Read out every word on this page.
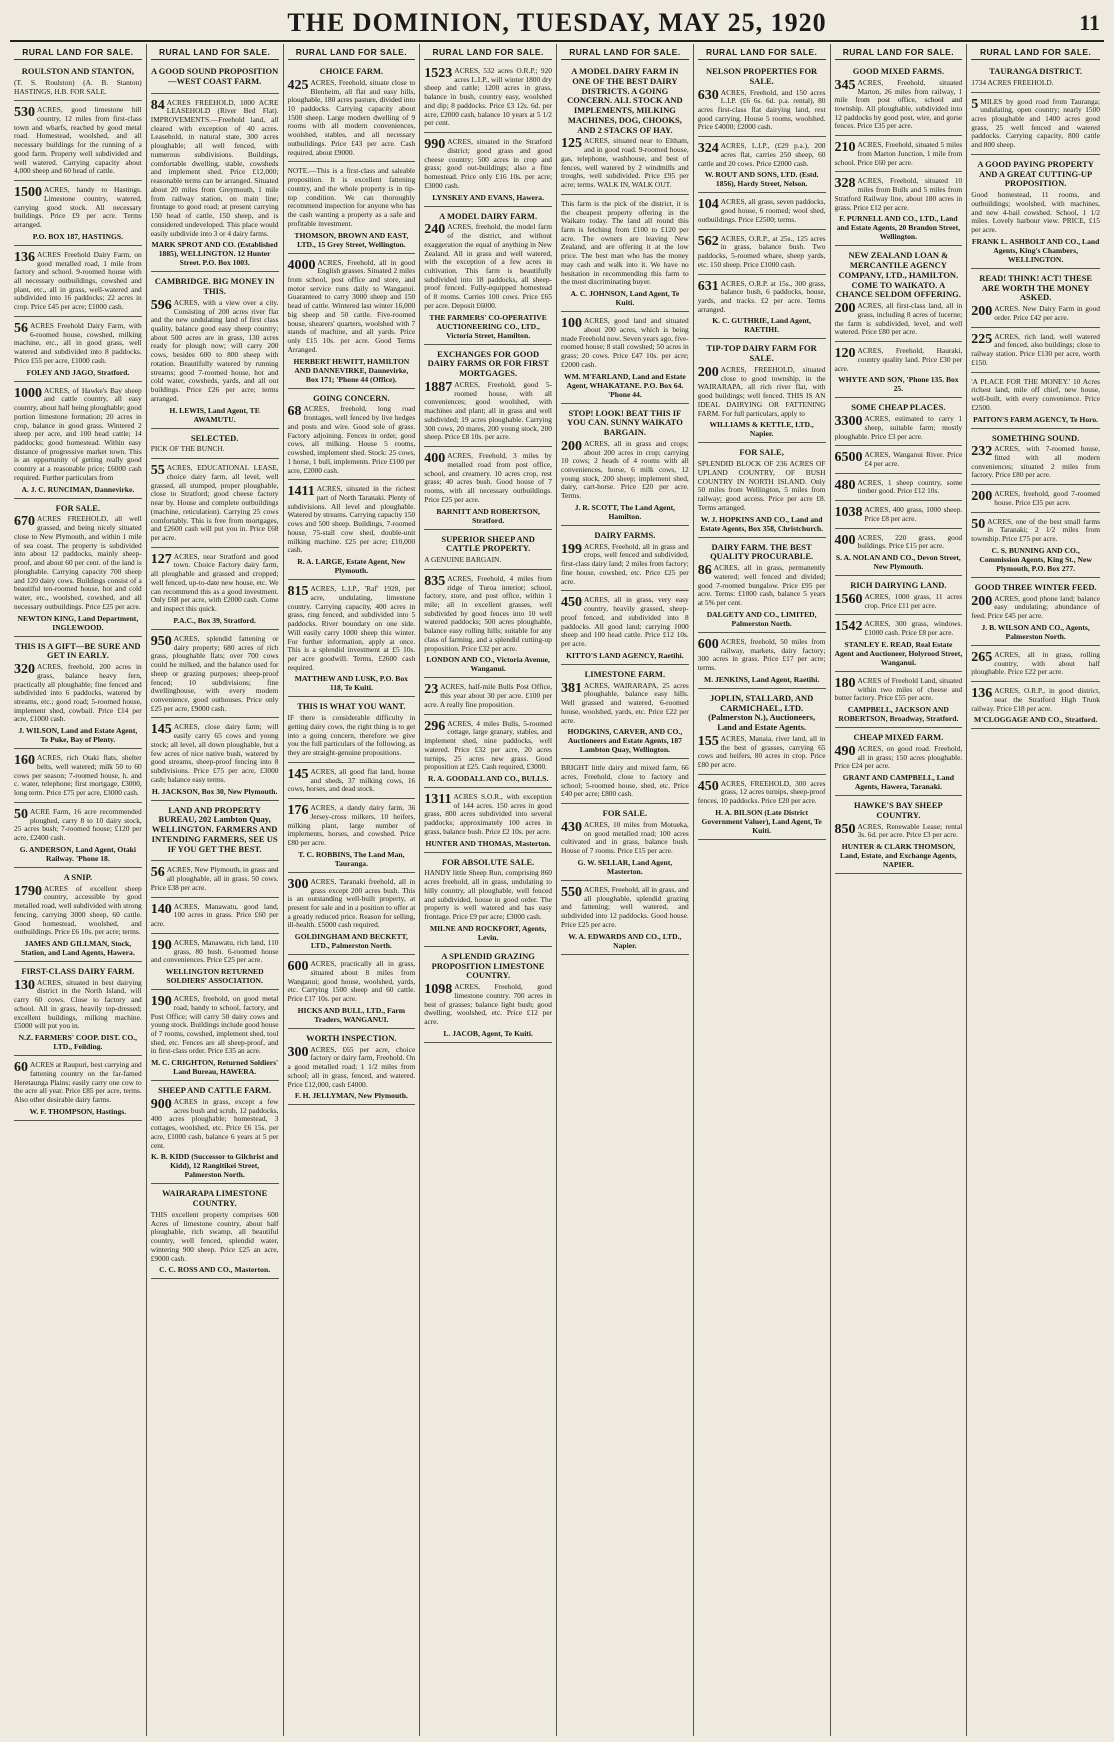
THE DOMINION, TUESDAY, MAY 25, 1920	11
RURAL LAND FOR SALE.
ROULSTON AND STANTON,
(T. S. Roulston) (A. B. Stanton) HASTINGS, H.B. FOR SALE.
530 ACRES, good limestone hill country, 12 miles from first-class town and wharfs, reached by good metal road. Homestead, woolshed, and all necessary buildings for the running of a good farm. Property well subdivided and well watered. Carrying capacity about 4,000 sheep and 60 head of cattle.
1500 ACRES, handy to Hastings. Limestone country, watered, carrying good stock. All necessary buildings. Price £9 per acre. Terms arranged.
P.O. BOX 187, HASTINGS.
136 ACRES Freehold Dairy Farm, on good metalled road, 1 mile from factory and school. 9-roomed house with all necessary outbuildings, cowshed and plant, etc., all in grass, well-watered and subdivided into 16 paddocks; 22 acres in crop. Price £45 per acre; £1000 cash.
56 ACRES Freehold Dairy Farm, with 6-roomed house, cowshed, milking machine, etc., all in good grass, well watered and subdivided into 8 paddocks. Price £55 per acre, £1000 cash.
FOLEY AND JAGO, Stratford.
1000 ACRES, of Hawke's Bay sheep and cattle country, all easy country, about half being ploughable; good portion limestone formation; 20 acres in crop, balance in good grass. Wintered 2 sheep per acre, and 100 head cattle; 14 paddocks; good homestead. Within easy distance of progressive market town. This is an opportunity of getting really good country at a reasonable price; £6000 cash required. Further particulars from
A. J. C. RUNCIMAN, Dannevirke.
FOR SALE.
670 ACRES FREEHOLD, all well grassed, and being nicely situated close to New Plymouth, and within 1 mile of sea coast. The property is subdivided into about 12 paddocks, mainly sheep-proof, and about 60 per cent. of the land is ploughable. Carrying capacity 700 sheep and 120 dairy cows. Buildings consist of a beautiful ten-roomed house, hot and cold water, etc., woolshed, cowshed, and all necessary outbuildings. Price £25 per acre.
NEWTON KING, Land Department, INGLEWOOD.
THIS IS A GIFT—BE SURE AND GET IN EARLY.
320 ACRES, freehold, 200 acres in grass, balance heavy fern, practically all ploughable; fine fenced and subdivided into 6 paddocks, watered by streams, etc.; good road; 5-roomed house, implement shed, cowbail. Price £14 per acre, £1000 cash.
J. WILSON, Land and Estate Agent, Te Puke, Bay of Plenty.
160 ACRES, rich Otaki flats, shelter belts, well watered; milk 50 to 60 cows per season; 7-roomed house, h. and c. water, telephone; first mortgage, £3000, long term. Price £75 per acre, £3000 cash.
50 ACRE Farm, 16 acre recommended ploughed, carry 8 to 10 dairy stock, 25 acres bush; 7-roomed house; £120 per acre, £2400 cash.
G. ANDERSON, Land Agent, Otaki Railway. 'Phone 18.
A SNIP.
1790 ACRES of excellent sheep country, accessible by good metalled road, well subdivided with strong fencing, carrying 3000 sheep, 60 cattle. Good homestead, woolshed, and outbuildings. Price £6 10s. per acre; terms.
JAMES AND GILLMAN, Stock, Station, and Land Agents, Hawera.
FIRST-CLASS DAIRY FARM.
130 ACRES, situated in best dairying district in the North Island, will carry 60 cows. Close to factory and school. All in grass, heavily top-dressed; excellent buildings, milking machine. £5000 will put you in.
N.Z. FARMERS' COOP. DIST. CO., LTD., Feilding.
60 ACRES at Raupuri, best carrying and fattening country on the far-famed Heretaunga Plains; easily carry one cow to the acre all year. Price £85 per acre, terms. Also other desirable dairy farms.
W. F. THOMPSON, Hastings.
RURAL LAND FOR SALE.
A GOOD SOUND PROPOSITION—WEST COAST FARM.
84 ACRES FREEHOLD, 1000 ACRE LEASEHOLD (River Bed Flat). IMPROVEMENTS.—Freehold land, all cleared with exception of 40 acres. Leasehold, in natural state, 300 acres ploughable; all well fenced, with numerous subdivisions. Buildings, comfortable dwelling, stable, cowsheds and implement shed. Price £12,000; reasonable terms can be arranged. Situated about 20 miles from Greymouth, 1 mile from railway station, on main line; frontage to good road; at present carrying 150 head of cattle, 150 sheep, and is considered undeveloped. This place would easily subdivide into 3 or 4 dairy farms.
MARK SPROT AND CO. (Established 1885), WELLINGTON. 12 Hunter Street. P.O. Box 1003.
CAMBRIDGE. BIG MONEY IN THIS.
596 ACRES, with a view over a city. Consisting of 200 acres river flat and the new undulating land of first class quality, balance good easy sheep country; about 500 acres are in grass, 130 acres ready for plough now; will carry 200 cows, besides 600 to 800 sheep with rotation. Beautifully watered by running streams; good 7-roomed house, hot and cold water, cowsheds, yards, and all out buildings. Price £26 per acre; terms arranged.
H. LEWIS, Land Agent, TE AWAMUTU.
SELECTED.
PICK OF THE BUNCH.
55 ACRES, EDUCATIONAL LEASE, choice dairy farm, all level, well grassed, all stumped, proper ploughable, close to Stratford; good cheese factory near by. House and complete outbuildings (machine, reticulation). Carrying 25 cows comfortably. This is free from mortgages, and £2600 cash will put you in. Price £68 per acre.
127 ACRES, near Stratford and good town. Choice Factory dairy farm, all ploughable and grassed and cropped; well fenced, up-to-date new house, etc. We can recommend this as a good investment. Only £68 per acre, with £2000 cash. Come and inspect this quick.
P.A.C., Box 39, Stratford.
950 ACRES, splendid fattening or dairy property; 680 acres of rich grass, ploughable flats; over 700 cows could be milked, and the balance used for sheep or grazing purposes; sheep-proof fenced; 10 subdivisions; fine dwellinghouse, with every modern convenience, good outhouses. Price only £25 per acre, £9000 cash.
145 ACRES, close dairy farm; will easily carry 65 cows and young stock; all level, all down ploughable, but a few acres of nice native bush, watered by good streams, sheep-proof fencing into 8 subdivisions. Price £75 per acre, £3000 cash; balance easy terms.
H. JACKSON, Box 30, New Plymouth.
LAND AND PROPERTY BUREAU, 202 Lambton Quay, WELLINGTON. FARMERS AND INTENDING FARMERS, SEE US IF YOU GET THE BEST.
56 ACRES, New Plymouth, in grass and all ploughable, all in grass, 50 cows. Price £38 per acre.
140 ACRES, Manawatu, good land, 100 acres in grass. Price £60 per acre.
190 ACRES, Manawatu, rich land, 110 grass, 80 bush. 6-roomed house and conveniences. Price £25 per acre.
WELLINGTON RETURNED SOLDIERS' ASSOCIATION.
190 ACRES, freehold, on good metal road, handy to school, factory, and Post Office; will carry 50 dairy cows and young stock. Buildings include good house of 7 rooms, cowshed, implement shed, tool shed, etc. Fences are all sheep-proof, and in first-class order. Price £35 an acre.
M. C. CRIGHTON, Returned Soldiers' Land Bureau, HAWERA.
SHEEP AND CATTLE FARM.
900 ACRES in grass, except a few acres bush and scrub, 12 paddocks, 400 acres ploughable; homestead, 3 cottages, woolshed, etc. Price £6 15s. per acre, £1000 cash, balance 6 years at 5 per cent.
K. B. KIDD (Successor to Gilchrist and Kidd), 12 Rangitikei Street, Palmerston North.
WAIRARAPA LIMESTONE COUNTRY.
THIS excellent property comprises 600 Acres of limestone country, about half ploughable, rich swamp, all beautiful country, well fenced, splendid water, wintering 900 sheep. Price £25 an acre, £9000 cash.
C. C. ROSS AND CO., Masterton.
RURAL LAND FOR SALE.
CHOICE FARM.
425 ACRES, Freehold, situate close to Blenheim, all flat and easy hills, ploughable, 180 acres pasture, divided into 10 paddocks. Carrying capacity about 1500 sheep. Large modern dwelling of 9 rooms with all modern conveniences, woolshed, stables, and all necessary outbuildings. Price £43 per acre. Cash required, about £9000.
NOTE.—This is a first-class and saleable proposition. It is excellent fattening country, and the whole property is in tip-top condition. We can thoroughly recommend inspection for anyone who has the cash wanting a property as a safe and profitable investment.
THOMSON, BROWN AND EAST, LTD., 15 Grey Street, Wellington.
4000 ACRES, Freehold, all in good English grasses. Situated 2 miles from school, post office and store, and motor service runs daily to Wanganui. Guaranteed to carry 3000 sheep and 150 head of cattle. Wintered last winter 16,000 big sheep and 50 cattle. Five-roomed house, shearers' quarters, woolshed with 7 stands of machine, and all yards. Price only £15 10s. per acre. Good Terms Arranged.
HERBERT HEWITT, HAMILTON AND DANNEVIRKE, Dannevirke, Box 171; 'Phone 44 (Office).
GOING CONCERN.
68 ACRES, freehold, long road frontages, well fenced by live hedges and posts and wire. Good sole of grass. Factory adjoining. Fences in order, good cows, all milking. House 5 rooms, cowshed, implement shed. Stock: 25 cows, 1 horse, 1 bull, implements. Price £100 per acre, £2000 cash.
1411 ACRES, situated in the richest part of North Taranaki. Plenty of subdivisions. All level and ploughable. Watered by streams. Carrying capacity 150 cows and 500 sheep. Buildings, 7-roomed house, 75-stall cow shed, double-unit milking machine. £25 per acre; £10,000 cash.
R. A. LARGE, Estate Agent, New Plymouth.
815 ACRES, L.I.P., 'Raf' 1928, per acre, undulating, limestone country. Carrying capacity, 400 acres in grass, ring fenced, and subdivided into 5 paddocks. River boundary on one side. Will easily carry 1000 sheep this winter. For further information, apply at once. This is a splendid investment at £5 10s. per acre goodwill. Terms, £2600 cash required.
MATTHEW AND LUSK, P.O. Box 118, Te Kuiti.
THIS IS WHAT YOU WANT.
IF there is considerable difficulty in getting dairy cows, the right thing is to get into a going concern, therefore we give you the full particulars of the following, as they are straight-genuine propositions.
145 ACRES, all good flat land, house and sheds, 37 milking cows, 16 cows, horses, and dead stock.
176 ACRES, a dandy dairy farm, 36 Jersey-cross milkers, 10 heifers, milking plant, large number of implements, horses, and cowshed. Price £80 per acre.
T. C. ROBBINS, The Land Man, Tauranga.
300 ACRES, Taranaki freehold, all in grass except 200 acres bush. This is an outstanding well-built property, at present for sale and in a position to offer at a greatly reduced price. Reason for selling, ill-health. £5000 cash required.
GOLDINGHAM AND BECKETT, LTD., Palmerston North.
600 ACRES, practically all in grass, situated about 8 miles from Wanganui; good house, woolshed, yards, etc. Carrying 1500 sheep and 60 cattle. Price £17 10s. per acre.
HICKS AND BULL, LTD., Farm Traders, WANGANUI.
WORTH INSPECTION.
300 ACRES, £65 per acre, choice factory or dairy farm, Freehold. On a good metalled road; 1 1/2 miles from school; all in grass, fenced, and watered. Price £12,000, cash £4000.
F. H. JELLYMAN, New Plymouth.
RURAL LAND FOR SALE.
1523 ACRES, 532 acres O.R.P.; 920 acres L.I.P., will winter 1800 dry sheep and cattle; 1200 acres in grass, balance in bush, country easy, woolshed and dip; 8 paddocks. Price £3 12s. 6d. per acre, £2000 cash, balance 10 years at 5 1/2 per cent.
990 ACRES, situated in the Stratford district; good grass and good cheese country; 500 acres in crop and grass; good out-buildings; also a fine homestead. Price only £16 10s. per acre; £3000 cash.
LYNSKEY AND EVANS, Hawera.
A MODEL DAIRY FARM.
240 ACRES, freehold, the model farm of the district, and without exaggeration the equal of anything in New Zealand. All in grass and well watered, with the exception of a few acres in cultivation. This farm is beautifully subdivided into 18 paddocks, all sheep-proof fenced. Fully-equipped homestead of 8 rooms. Carries 100 cows. Price £65 per acre. Deposit £6000.
THE FARMERS' CO-OPERATIVE AUCTIONEERING CO., LTD., Victoria Street, Hamilton.
EXCHANGES FOR GOOD DAIRY FARMS OR FOR FIRST MORTGAGES.
1887 ACRES, Freehold, good 5-roomed house, with all conveniences; good woolshed, with machines and plant; all in grass and well subdivided; 19 acres ploughable. Carrying 300 cows, 20 mares, 200 young stock, 200 sheep. Price £8 10s. per acre.
400 ACRES, Freehold, 3 miles by metalled road from post office, school, and creamery. 10 acres crop, rest grass; 40 acres bush. Good house of 7 rooms, with all necessary outbuildings. Price £25 per acre.
BARNITT AND ROBERTSON, Stratford.
SUPERIOR SHEEP AND CATTLE PROPERTY.
A GENUINE BARGAIN.
835 ACRES, Freehold, 4 miles from ridge of Turoa interior; school, factory, store, and post office, within 1 mile; all in excellent grasses, well subdivided by good fences into 10 well watered paddocks; 500 acres ploughable, balance easy rolling hills; suitable for any class of farming, and a splendid cutting-up proposition. Price £32 per acre.
LONDON AND CO., Victoria Avenue, Wanganui.
23 ACRES, half-mile Bulls Post Office, this year about 30 per acre. £100 per acre. A really fine proposition.
296 ACRES, 4 miles Bulls, 5-roomed cottage, large granary, stables, and implement shed, nine paddocks, well watered. Price £32 per acre, 20 acres turnips, 25 acres new grass. Good proposition at £25. Cash required, £3000.
R. A. GOODALL AND CO., BULLS.
1311 ACRES S.O.R., with exception of 144 acres. 150 acres in good grass, 800 acres subdivided into several paddocks; approximately 100 acres in grass, balance bush. Price £2 10s. per acre.
HUNTER AND THOMAS, Masterton.
FOR ABSOLUTE SALE.
HANDY little Sheep Run, comprising 860 acres freehold, all in grass, undulating to hilly country, all ploughable, well fenced and subdivided, house in good order. The property is well watered and has easy frontage. Price £9 per acre; £3000 cash.
MILNE AND ROCKFORT, Agents, Levin.
A SPLENDID GRAZING PROPOSITION LIMESTONE COUNTRY.
1098 ACRES, Freehold, good limestone country. 700 acres in best of grasses; balance light bush; good dwelling, woolshed, etc. Price £12 per acre.
L. JACOB, Agent, Te Kuiti.
RURAL LAND FOR SALE.
A MODEL DAIRY FARM IN ONE OF THE BEST DAIRY DISTRICTS. A GOING CONCERN. ALL STOCK AND IMPLEMENTS, MILKING MACHINES, DOG, CHOOKS, AND 2 STACKS OF HAY.
125 ACRES, situated near to Eltham, and in good road. 9-roomed house, gas, telephone, washhouse, and best of fences, well watered by 2 windmills and troughs, well subdivided. Price £95 per acre; terms. WALK IN, WALK OUT.
This farm is the pick of the district, it is the cheapest property offering in the Waikato today. The land all round this farm is fetching from £100 to £120 per acre. The owners are leaving New Zealand, and are offering it at the low price. The best man who has the money may cash and walk into it. We have no hesitation in recommending this farm to the most discriminating buyer.
A. C. JOHNSON, Land Agent, Te Kuiti.
100 ACRES, good land and situated about 200 acres, which is being made Freehold now. Seven years ago, five-roomed house; 8 stall cowshed; 50 acres in grass; 20 cows. Price £47 10s. per acre; £2000 cash.
WM. M'FARLAND, Land and Estate Agent, WHAKATANE. P.O. Box 64. 'Phone 44.
STOP! LOOK! BEAT THIS IF YOU CAN. SUNNY WAIKATO BARGAIN.
200 ACRES, all in grass and crops; about 200 acres in crop; carrying 10 cows; 2 heads of 4 rooms with all conveniences, horse, 6 milk cows, 12 young stock, 200 sheep; implement shed, dairy, cart-horse. Price £20 per acre. Terms.
J. R. SCOTT, The Land Agent, Hamilton.
DAIRY FARMS.
199 ACRES, Freehold, all in grass and crops, well fenced and subdivided, first-class dairy land; 2 miles from factory; fine house, cowshed, etc. Price £25 per acre.
450 ACRES, all in grass, very easy country, heavily grassed, sheep-proof fenced, and subdivided into 8 paddocks. All good land; carrying 1000 sheep and 100 head cattle. Price £12 10s. per acre.
KITTO'S LAND AGENCY, Raetihi.
LIMESTONE FARM.
381 ACRES, WAIRARAPA, 25 acres ploughable, balance easy hills. Well grassed and watered, 6-roomed house, woolshed, yards, etc. Price £22 per acre.
HODGKINS, CARVER, AND CO., Auctioneers and Estate Agents, 187 Lambton Quay, Wellington.
BRIGHT little dairy and mixed farm, 66 acres, Freehold, close to factory and school; 5-roomed house, shed, etc. Price £40 per acre; £800 cash.
FOR SALE.
430 ACRES, 10 miles from Motueka, on good metalled road; 100 acres cultivated and in grass, balance bush. House of 7 rooms. Price £15 per acre.
G. W. SELLAR, Land Agent, Masterton.
550 ACRES, Freehold, all in grass, and all ploughable, splendid grazing and fattening; well watered, and subdivided into 12 paddocks. Good house. Price £25 per acre.
W. A. EDWARDS AND CO., LTD., Napier.
RURAL LAND FOR SALE.
NELSON PROPERTIES FOR SALE.
630 ACRES, Freehold, and 150 acres L.I.P. (£6 6s. 6d. p.a. rental), 80 acres first-class flat dairying land, rest good carrying. House 5 rooms, woolshed. Price £4000; £2000 cash.
324 ACRES, L.I.P., (£29 p.a.), 200 acres flat, carries 250 sheep, 60 cattle and 20 cows. Price £2000 cash.
W. ROUT AND SONS, LTD. (Estd. 1856), Hardy Street, Nelson.
104 ACRES, all grass, seven paddocks, good house, 6 roomed; wool shed, outbuildings. Price £2500; terms.
562 ACRES, O.R.P., at 25s., 125 acres in grass, balance bush. Two paddocks, 5-roomed whare, sheep yards, etc. 150 sheep. Price £1000 cash.
631 ACRES, O.R.P. at 15s., 300 grass, balance bush, 6 paddocks, house, yards, and tracks. £2 per acre. Terms arranged.
K. C. GUTHRIE, Land Agent, RAETIHI.
TIP-TOP DAIRY FARM FOR SALE.
200 ACRES, FREEHOLD, situated close to good township, in the WAIRARAPA, all rich river flat, with good buildings; well fenced. THIS IS AN IDEAL DAIRYING OR FATTENING FARM. For full particulars, apply to
WILLIAMS & KETTLE, LTD., Napier.
FOR SALE,
SPLENDID BLOCK OF 236 ACRES OF UPLAND COUNTRY, OF BUSH COUNTRY IN NORTH ISLAND. Only 50 miles from Wellington, 5 miles from railway; good access. Price per acre £8. Terms arranged.
W. J. HOPKINS AND CO., Land and Estate Agents, Box 358, Christchurch.
DAIRY FARM. THE BEST QUALITY PROCURABLE.
86 ACRES, all in grass, permanently watered; well fenced and divided; good 7-roomed bungalow. Price £95 per acre. Terms: £1000 cash, balance 5 years at 5% per cent.
DALGETY AND CO., LIMITED, Palmerston North.
600 ACRES, freehold, 50 miles from railway, markets, dairy factory; 300 acres in grass. Price £17 per acre; terms.
M. JENKINS, Land Agent, Raetihi.
JOPLIN, STALLARD, AND CARMICHAEL, LTD. (Palmerston N.), Auctioneers, Land and Estate Agents.
155 ACRES, Manaia, river land, all in the best of grasses, carrying 65 cows and heifers, 80 acres in crop. Price £80 per acre.
450 ACRES, FREEHOLD, 300 acres grass, 12 acres turnips, sheep-proof fences, 10 paddocks. Price £20 per acre.
H. A. BILSON (Late District Government Valuer), Land Agent, Te Kuiti.
RURAL LAND FOR SALE.
GOOD MIXED FARMS.
345 ACRES, Freehold, situated Marton, 26 miles from railway, 1 mile from post office, school and township. All ploughable, subdivided into 12 paddocks by good post, wire, and gorse fences. Price £35 per acre.
210 ACRES, Freehold, situated 5 miles from Marton Junction, 1 mile from school. Price £60 per acre.
328 ACRES, Freehold, situated 10 miles from Bulls and 5 miles from Stratford Railway line, about 180 acres in grass. Price £12 per acre.
F. PURNELL AND CO., LTD., Land and Estate Agents, 20 Brandon Street, Wellington.
NEW ZEALAND LOAN & MERCANTILE AGENCY COMPANY, LTD., HAMILTON. COME TO WAIKATO. A CHANCE SELDOM OFFERING.
200 ACRES, all first-class land, all in grass, including 8 acres of lucerne; the farm is subdivided, level, and well watered. Price £80 per acre.
120 ACRES, Freehold, Hauraki, country quality land. Price £30 per acre.
WHYTE AND SON, 'Phone 135. Box 25.
SOME CHEAP PLACES.
3300 ACRES, estimated to carry 1 sheep, suitable farm; mostly ploughable. Price £3 per acre.
6500 ACRES, Wanganui River. Price £4 per acre.
480 ACRES, 1 sheep country, some timber good. Price £12 10s.
1038 ACRES, 400 grass, 1000 sheep. Price £8 per acre.
400 ACRES, 220 grass, good buildings. Price £15 per acre.
S. A. NOLAN AND CO., Devon Street, New Plymouth.
RICH DAIRYING LAND.
1560 ACRES, 1000 grass, 11 acres crop. Price £11 per acre.
1542 ACRES, 300 grass, windows. £1000 cash. Price £8 per acre.
STANLEY E. READ, Real Estate Agent and Auctioneer, Holyrood Street, Wanganui.
180 ACRES of Freehold Land, situated within two miles of cheese and butter factory. Price £55 per acre.
CAMPBELL, JACKSON AND ROBERTSON, Broadway, Stratford.
CHEAP MIXED FARM.
490 ACRES, on good road. Freehold, all in grass; 150 acres ploughable. Price £24 per acre.
GRANT AND CAMPBELL, Land Agents, Hawera, Taranaki.
HAWKE'S BAY SHEEP COUNTRY.
850 ACRES, Renewable Lease; rental 3s. 6d. per acre. Price £3 per acre.
HUNTER & CLARK THOMSON, Land, Estate, and Exchange Agents, NAPIER.
RURAL LAND FOR SALE.
TAURANGA DISTRICT.
1734 ACRES FREEHOLD.
5 MILES by good road from Tauranga; undulating, open country; nearly 1500 acres ploughable and 1400 acres good grass, 25 well fenced and watered paddocks. Carrying capacity, 800 cattle and 800 sheep.
A GOOD PAYING PROPERTY AND A GREAT CUTTING-UP PROPOSITION.
Good homestead, 11 rooms, and outbuildings; woolshed, with machines, and new 4-bail cowshed. School, 1 1/2 miles. Lovely harbour view. PRICE, £15 per acre.
FRANK L. ASHBOLT AND CO., Land Agents, King's Chambers, WELLINGTON.
READ! THINK! ACT! THESE ARE WORTH THE MONEY ASKED.
200 ACRES. New Dairy Farm in good order. Price £42 per acre.
225 ACRES, rich land, well watered and fenced, also buildings; close to railway station. Price £130 per acre, worth £150.
'A PLACE FOR THE MONEY.' 10 Acres richest land, mile off chief, new house, well-built, with every convenience. Price £2500.
PAITON'S FARM AGENCY, Te Horo.
SOMETHING SOUND.
232 ACRES, with 7-roomed house, fitted with all modern conveniences; situated 2 miles from factory. Price £80 per acre.
200 ACRES, freehold, good 7-roomed house. Price £35 per acre.
50 ACRES, one of the best small farms in Taranaki; 2 1/2 miles from township. Price £75 per acre.
C. S. BUNNING AND CO., Commission Agents, King St., New Plymouth, P.O. Box 277.
GOOD THREE WINTER FEED.
200 ACRES, good phone land; balance easy undulating; abundance of feed. Price £45 per acre.
J. B. WILSON AND CO., Agents, Palmerston North.
265 ACRES, all in grass, rolling country, with about half ploughable. Price £22 per acre.
136 ACRES, O.R.P., in good district, near the Stratford High Trunk railway. Price £18 per acre.
M'CLOGGAGE AND CO., Stratford.
